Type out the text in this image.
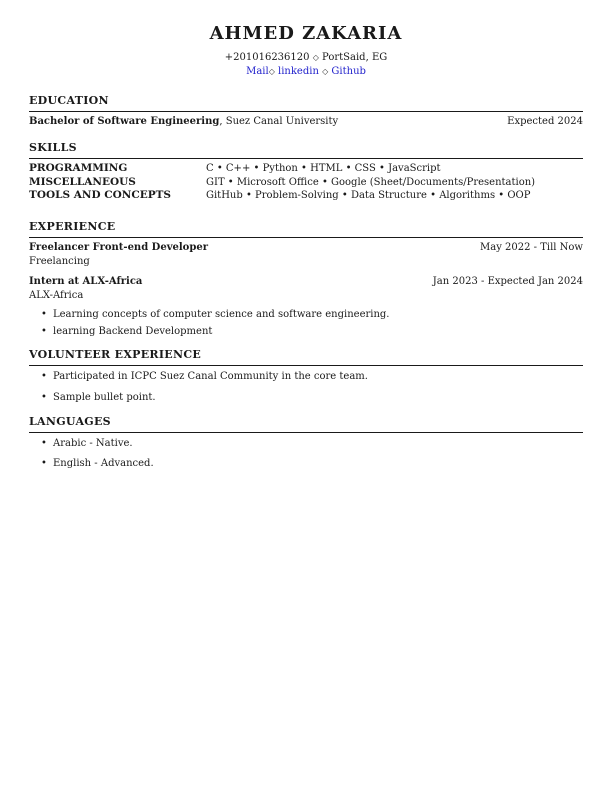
AHMED ZAKARIA
+201016236120 ◇ PortSaid, EG
Mail◇ linkedin ◇ Github
EDUCATION
Bachelor of Software Engineering, Suez Canal University	Expected 2024
SKILLS
PROGRAMMING	C • C++ • Python • HTML • CSS • JavaScript
MISCELLANEOUS	GIT • Microsoft Office • Google (Sheet/Documents/Presentation)
TOOLS AND CONCEPTS	GitHub • Problem-Solving • Data Structure • Algorithms • OOP
EXPERIENCE
Freelancer Front-end Developer	May 2022 - Till Now
Freelancing
Intern at ALX-Africa	Jan 2023 - Expected Jan 2024
ALX-Africa
• Learning concepts of computer science and software engineering.
• learning Backend Development
VOLUNTEER EXPERIENCE
• Participated in ICPC Suez Canal Community in the core team.
• Sample bullet point.
LANGUAGES
• Arabic - Native.
• English - Advanced.
